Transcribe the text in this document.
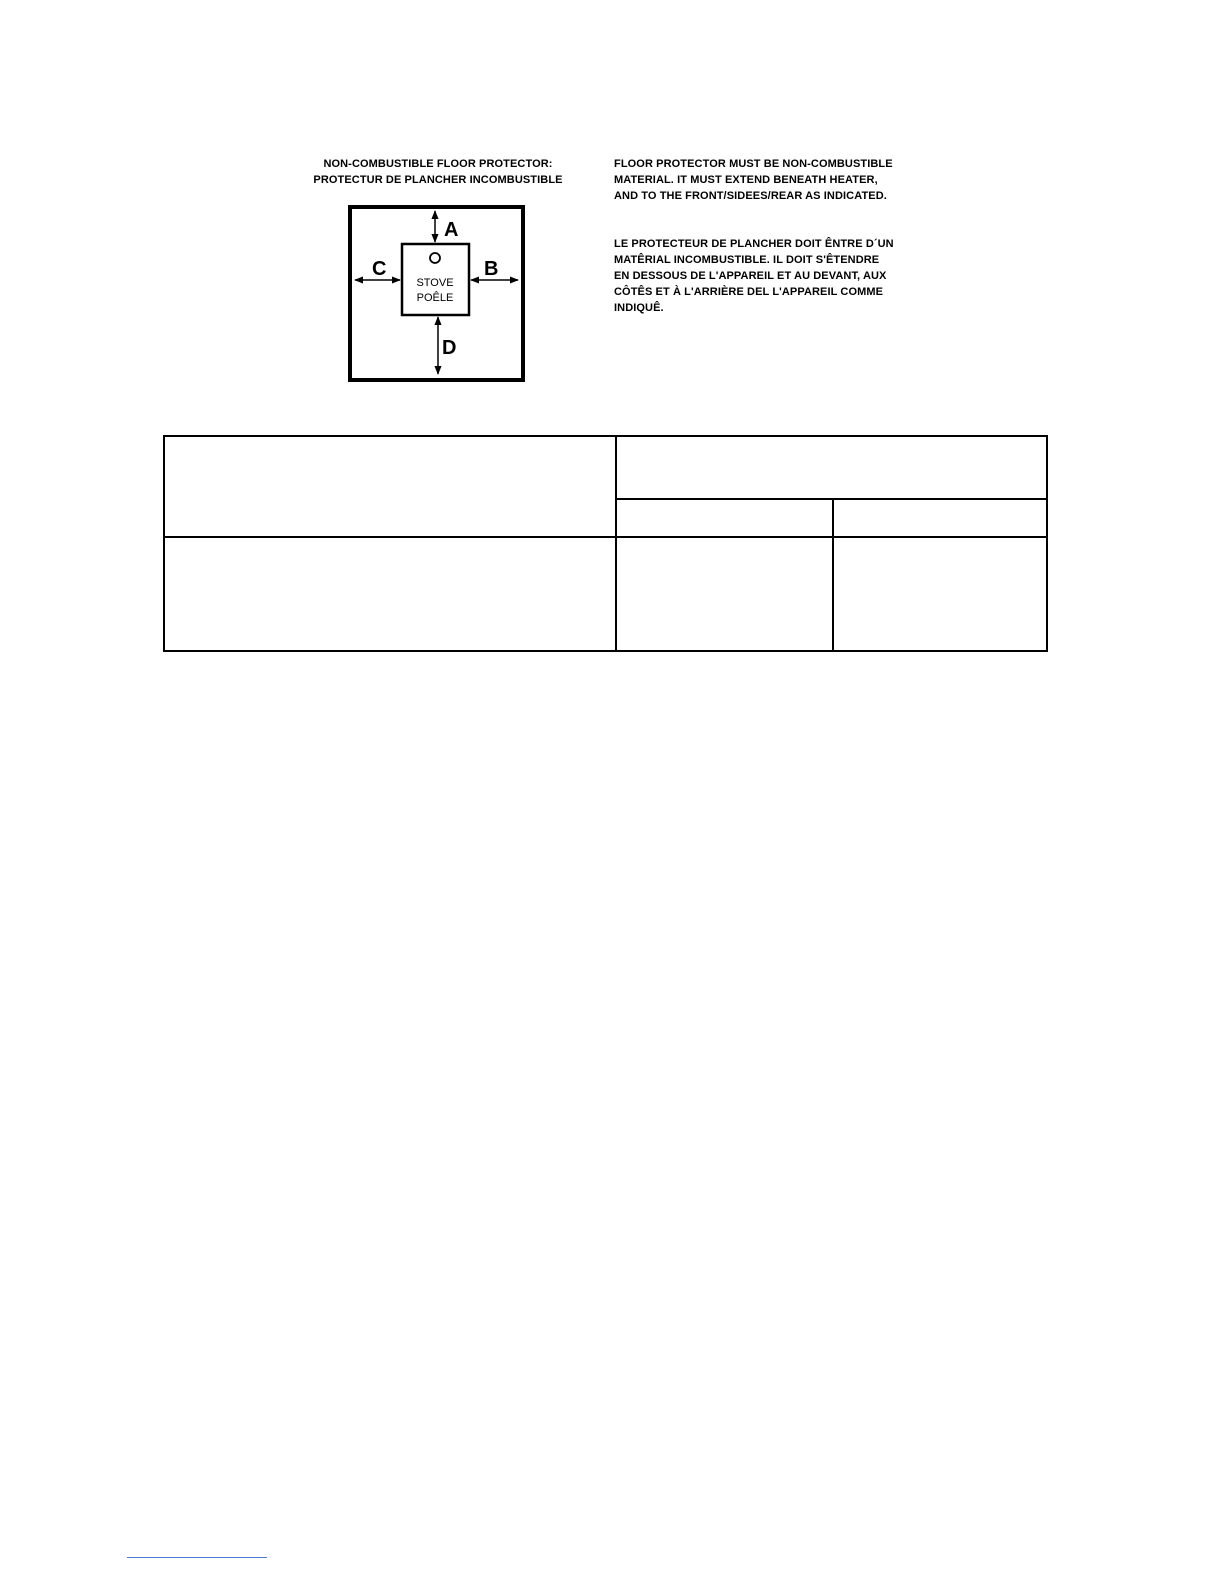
NON-COMBUSTIBLE FLOOR PROTECTOR:
PROTECTUR DE PLANCHER INCOMBUSTIBLE
FLOOR PROTECTOR MUST BE NON-COMBUSTIBLE
MATERIAL. IT MUST EXTEND BENEATH HEATER,
AND TO THE FRONT/SIDEES/REAR AS INDICATED.
LE PROTECTEUR DE PLANCHER DOIT ÊNTRE D´UN
MATÊRIAL INCOMBUSTIBLE. IL DOIT S'ÊTENDRE
EN DESSOUS DE L'APPAREIL ET AU DEVANT, AUX
CÔTÊS ET À L'ARRIÈRE DEL L'APPAREIL COMME
INDIQUÊ.
STOVE
POÊLE
A
D
C	B
